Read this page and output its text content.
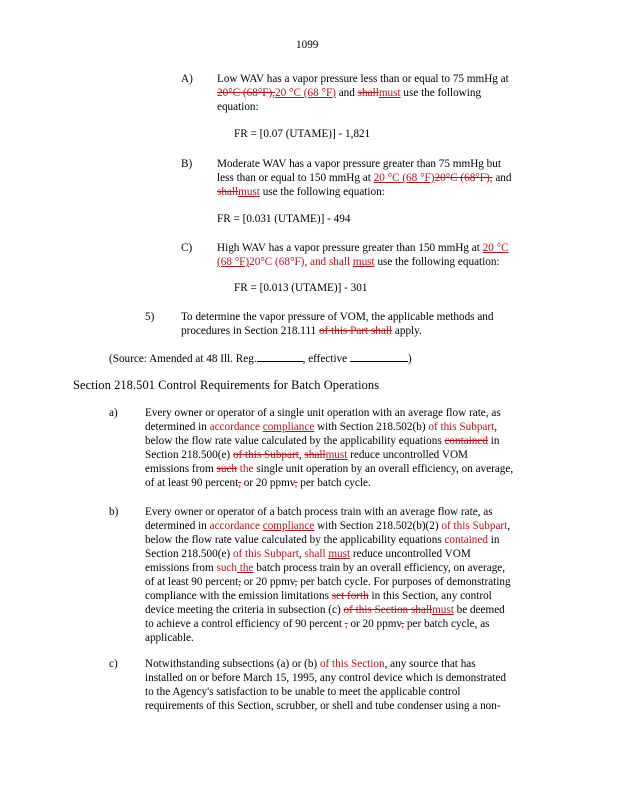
1099
A) Low WAV has a vapor pressure less than or equal to 75 mmHg at
20°C (68°F),20 °C (68 °F) and shallmust use the following
equation:
FR = [0.07 (UTAME)] - 1,821
B) Moderate WAV has a vapor pressure greater than 75 mmHg but
less than or equal to 150 mmHg at 20 °C (68 °F)20°C (68°F), and
shallmust use the following equation:
FR = [0.031 (UTAME)] - 494
C) High WAV has a vapor pressure greater than 150 mmHg at 20 °C
(68 °F)20°C (68°F), and shall must use the following equation:
FR = [0.013 (UTAME)] - 301
5) To determine the vapor pressure of VOM, the applicable methods and
procedures in Section 218.111 of this Part shall apply.
(Source: Amended at 48 Ill. Reg.	, effective	)
Section 218.501 Control Requirements for Batch Operations
a) Every owner or operator of a single unit operation with an average flow rate, as
determined in accordance compliance with Section 218.502(b) of this Subpart,
below the flow rate value calculated by the applicability equations contained in
Section 218.500(e) of this Subpart, shallmust reduce uncontrolled VOM
emissions from such the single unit operation by an overall efficiency, on average,
of at least 90 percent, or 20 ppmv, per batch cycle.
b) Every owner or operator of a batch process train with an average flow rate, as
determined in accordance compliance with Section 218.502(b)(2) of this Subpart,
below the flow rate value calculated by the applicability equations contained in
Section 218.500(e) of this Subpart, shall must reduce uncontrolled VOM
emissions from such the batch process train by an overall efficiency, on average,
of at least 90 percent, or 20 ppmv, per batch cycle. For purposes of demonstrating
compliance with the emission limitations set forth in this Section, any control
device meeting the criteria in subsection (c) of this Section shallmust be deemed
to achieve a control efficiency of 90 percent , or 20 ppmv, per batch cycle, as
applicable.
c) Notwithstanding subsections (a) or (b) of this Section, any source that has
installed on or before March 15, 1995, any control device which is demonstrated
to the Agency's satisfaction to be unable to meet the applicable control
requirements of this Section, scrubber, or shell and tube condenser using a non-
